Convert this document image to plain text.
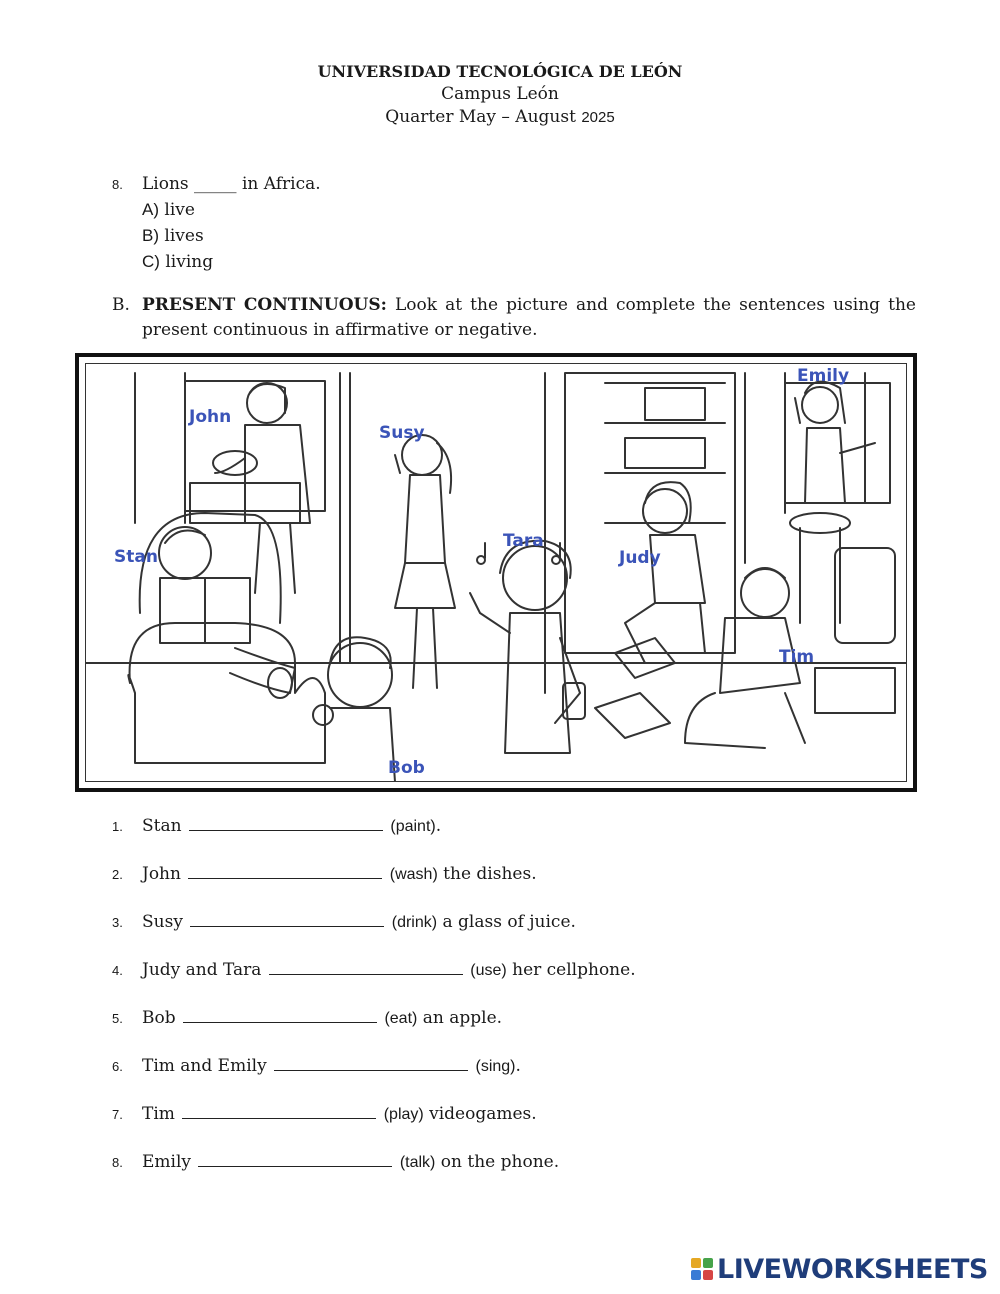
UNIVERSIDAD TECNOLÓGICA DE LEÓN
Campus León
Quarter May – August 2025
8. Lions _____ in Africa.
A) live
B) lives
C) living
B. PRESENT CONTINUOUS: Look at the picture and complete the sentences using the present continuous in affirmative or negative.
John
Susy
Emily
Stan
Tara
Judy
Tim
Bob
1. Stan	(paint).
2. John	(wash) the dishes.
3. Susy	(drink) a glass of juice.
4. Judy and Tara	(use) her cellphone.
5. Bob	(eat) an apple.
6. Tim and Emily	(sing).
7. Tim	(play) videogames.
8. Emily	(talk) on the phone.
LIVEWORKSHEETS
